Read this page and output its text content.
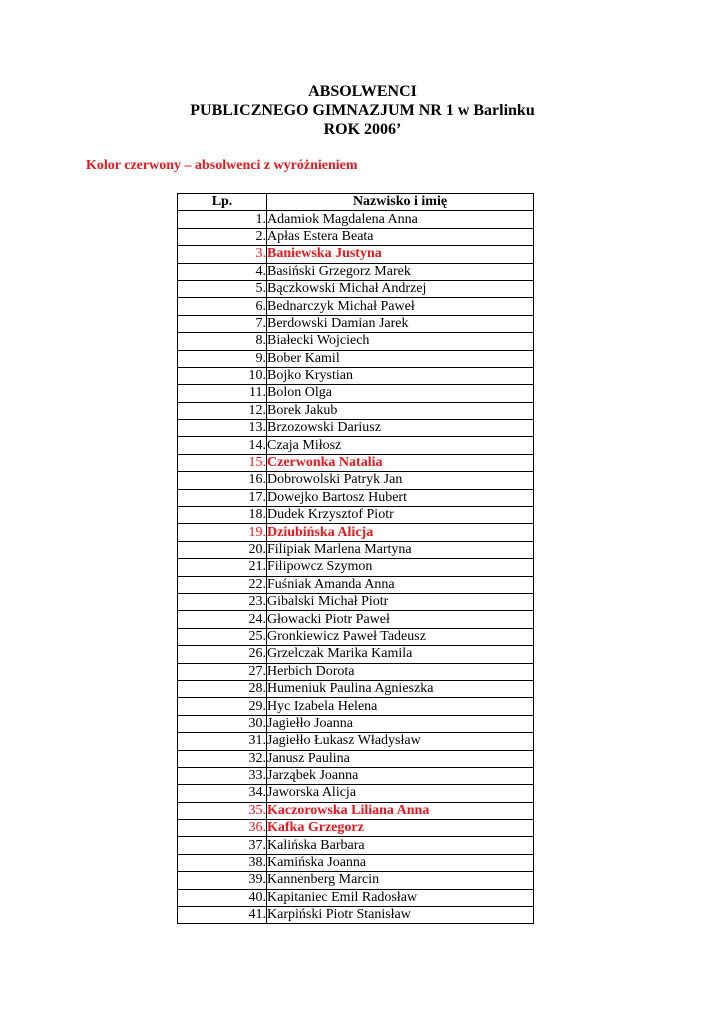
ABSOLWENCI
PUBLICZNEGO GIMNAZJUM NR 1 w Barlinku
ROK 2006’
Kolor czerwony – absolwenci z wyróżnieniem
Lp.	Nazwisko i imię
1.	Adamiok Magdalena Anna
2.	Apłas Estera Beata
3.	Baniewska Justyna
4.	Basiński Grzegorz Marek
5.	Bączkowski Michał Andrzej
6.	Bednarczyk Michał Paweł
7.	Berdowski Damian Jarek
8.	Białecki Wojciech
9.	Bober Kamil
10.	Bojko Krystian
11.	Bolon Olga
12.	Borek Jakub
13.	Brzozowski Dariusz
14.	Czaja Miłosz
15.	Czerwonka Natalia
16.	Dobrowolski Patryk Jan
17.	Dowejko Bartosz Hubert
18.	Dudek Krzysztof Piotr
19.	Dziubińska Alicja
20.	Filipiak Marlena Martyna
21.	Filipowcz Szymon
22.	Fuśniak Amanda Anna
23.	Gibalski Michał Piotr
24.	Głowacki Piotr Paweł
25.	Gronkiewicz Paweł Tadeusz
26.	Grzelczak Marika Kamila
27.	Herbich Dorota
28.	Humeniuk Paulina Agnieszka
29.	Hyc Izabela Helena
30.	Jagiełło Joanna
31.	Jagiełło Łukasz Władysław
32.	Janusz Paulina
33.	Jarząbek Joanna
34.	Jaworska Alicja
35.	Kaczorowska Liliana Anna
36.	Kafka Grzegorz
37.	Kalińska Barbara
38.	Kamińska Joanna
39.	Kannenberg Marcin
40.	Kapitaniec Emil Radosław
41.	Karpiński Piotr Stanisław
